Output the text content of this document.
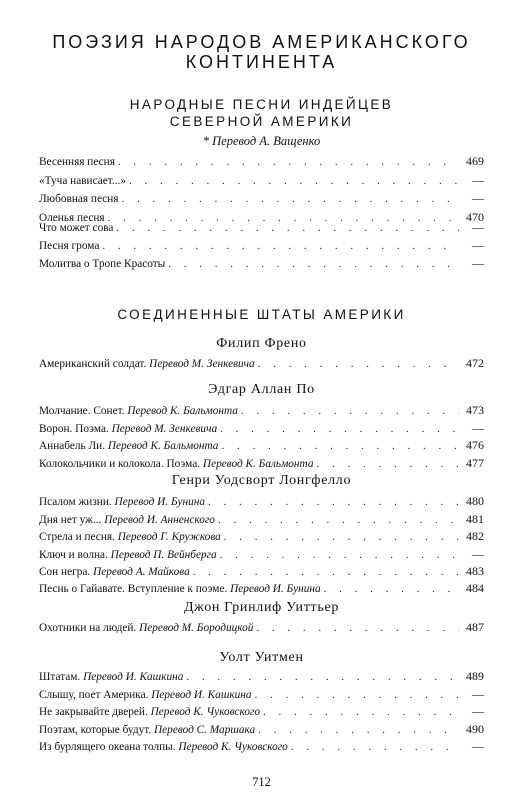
ПОЭЗИЯ НАРОДОВ АМЕРИКАНСКОГО
КОНТИНЕНТА
НАРОДНЫЕ ПЕСНИ ИНДЕЙЦЕВ
СЕВЕРНОЙ АМЕРИКИ
* Перевод А. Ващенко
Весенняя песня . . .	469
«Туча нависает...» . . .	—
Любовная песня . . .	—
Оленья песня . . .	470
Что может сова . . .	—
Песня грома . . .	—
Молитва о Тропе Красоты . . .	—
СОЕДИНЕННЫЕ ШТАТЫ АМЕРИКИ
Филип Френо
Американский солдат. Перевод М. Зенкевича . . .	472
Эдгар Аллан По
Молчание. Сонет. Перевод К. Бальмонта . . .	473
Ворон. Поэма. Перевод М. Зенкевича . . .	—
Аннабель Ли. Перевод К. Бальмонта . . .	476
Колокольчики и колокола. Поэма. Перевод К. Бальмонта . . .	477
Генри Уодсворт Лонгфелло
Псалом жизни. Перевод И. Бунина . . .	480
Дня нет уж... Перевод И. Анненского . . .	481
Стрела и песня. Перевод Г. Кружкова . . .	482
Ключ и волна. Перевод П. Вейнберга . . .	—
Сон негра. Перевод А. Майкова . . .	483
Песнь о Гайавате. Вступление к поэме. Перевод И. Бунина . . .	484
Джон Гринлиф Уиттьер
Охотники на людей. Перевод М. Бородицкой . . .	487
Уолт Уитмен
Штатам. Перевод И. Кашкина . . .	489
Слышу, поет Америка. Перевод И. Кашкина . . .	—
Не закрывайте дверей. Перевод К. Чуковского . . .	—
Поэтам, которые будут. Перевод С. Маршака . . .	490
Из бурлящего океана толпы. Перевод К. Чуковского . . .	—
712
